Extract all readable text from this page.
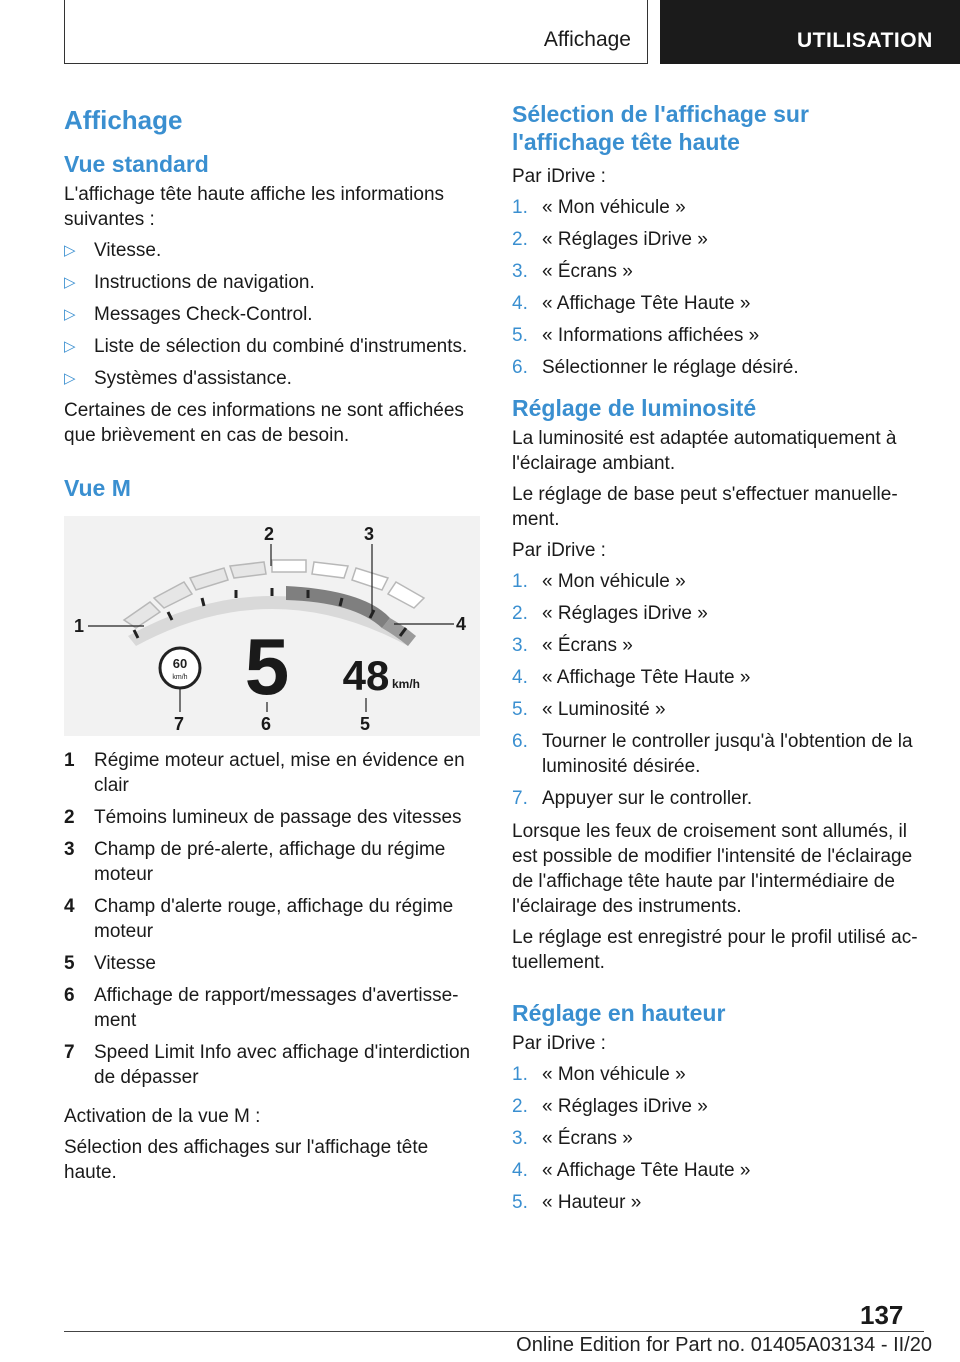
Affichage	UTILISATION
Affichage
Vue standard

L'affichage tête haute affiche les informations suivantes :

▷ Vitesse.
▷ Instructions de navigation.
▷ Messages Check-Control.
▷ Liste de sélection du combiné d'instruments.
▷ Systèmes d'assistance.

Certaines de ces informations ne sont affichées que brièvement en cas de besoin.

Vue M
60
km/h 5 48 km/h
1
2	3
4
5
6
7
1 Régime moteur actuel, mise en évidence en clair
2 Témoins lumineux de passage des vitesses
3 Champ de pré-alerte, affichage du régime moteur
4 Champ d'alerte rouge, affichage du régime moteur
5 Vitesse
6 Affichage de rapport/messages d'avertisse‐ ment
7 Speed Limit Info avec affichage d'interdiction de dépasser

Activation de la vue M :

Sélection des affichages sur l'affichage tête haute.

Sélection de l'affichage sur l'affichage tête haute

Par iDrive :

1. « Mon véhicule »
2. « Réglages iDrive »
3. « Écrans »
4. « Affichage Tête Haute »
5. « Informations affichées »
6. Sélectionner le réglage désiré.
Réglage de luminosité

La luminosité est adaptée automatiquement à l'éclairage ambiant.

Le réglage de base peut s'effectuer manuelle‐ ment.

Par iDrive :

1. « Mon véhicule »
2. « Réglages iDrive »
3. « Écrans »
4. « Affichage Tête Haute »
5. « Luminosité »
6. Tourner le controller jusqu'à l'obtention de la luminosité désirée.
7. Appuyer sur le controller.

Lorsque les feux de croisement sont allumés, il est possible de modifier l'intensité de l'éclairage de l'affichage tête haute par l'intermédiaire de l'éclairage des instruments.

Le réglage est enregistré pour le profil utilisé ac‐ tuellement.

Réglage en hauteur

Par iDrive :

1. « Mon véhicule »
2. « Réglages iDrive »
3. « Écrans »
4. « Affichage Tête Haute »
5. « Hauteur »
137
Online Edition for Part no. 01405A03134 - II/20
